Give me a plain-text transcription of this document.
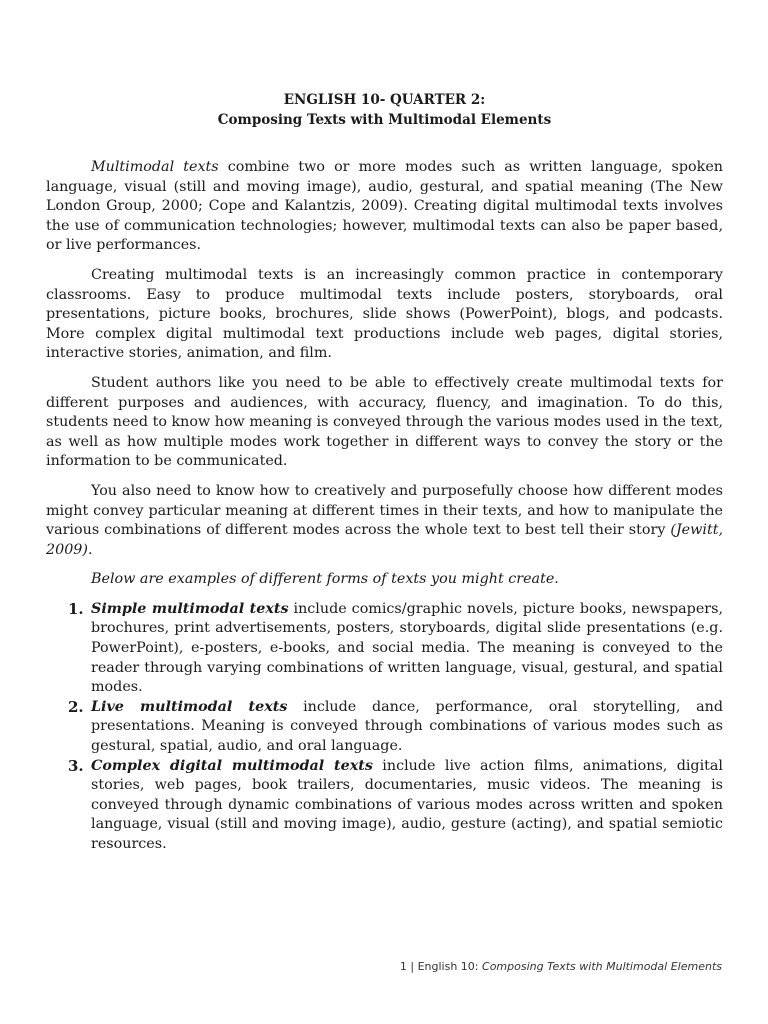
ENGLISH 10- QUARTER 2:

Composing Texts with Multimodal Elements

Multimodal texts combine two or more modes such as written language, spoken language, visual (still and moving image), audio, gestural, and spatial meaning (The New London Group, 2000; Cope and Kalantzis, 2009). Creating digital multimodal texts involves the use of communication technologies; however, multimodal texts can also be paper based, or live performances.

Creating multimodal texts is an increasingly common practice in contemporary classrooms. Easy to produce multimodal texts include posters, storyboards, oral presentations, picture books, brochures, slide shows (PowerPoint), blogs, and podcasts. More complex digital multimodal text productions include web pages, digital stories, interactive stories, animation, and film.

Student authors like you need to be able to effectively create multimodal texts for different purposes and audiences, with accuracy, fluency, and imagination. To do this, students need to know how meaning is conveyed through the various modes used in the text, as well as how multiple modes work together in different ways to convey the story or the information to be communicated.

You also need to know how to creatively and purposefully choose how different modes might convey particular meaning at different times in their texts, and how to manipulate the various combinations of different modes across the whole text to best tell their story (Jewitt, 2009).

Below are examples of different forms of texts you might create.

1. Simple multimodal texts include comics/graphic novels, picture books, newspapers, brochures, print advertisements, posters, storyboards, digital slide presentations (e.g. PowerPoint), e-posters, e-books, and social media. The meaning is conveyed to the reader through varying combinations of written language, visual, gestural, and spatial modes.
2. Live multimodal texts include dance, performance, oral storytelling, and presentations. Meaning is conveyed through combinations of various modes such as gestural, spatial, audio, and oral language.
3. Complex digital multimodal texts include live action films, animations, digital stories, web pages, book trailers, documentaries, music videos. The meaning is conveyed through dynamic combinations of various modes across written and spoken language, visual (still and moving image), audio, gesture (acting), and spatial semiotic resources.
1 | English 10: Composing Texts with Multimodal Elements
